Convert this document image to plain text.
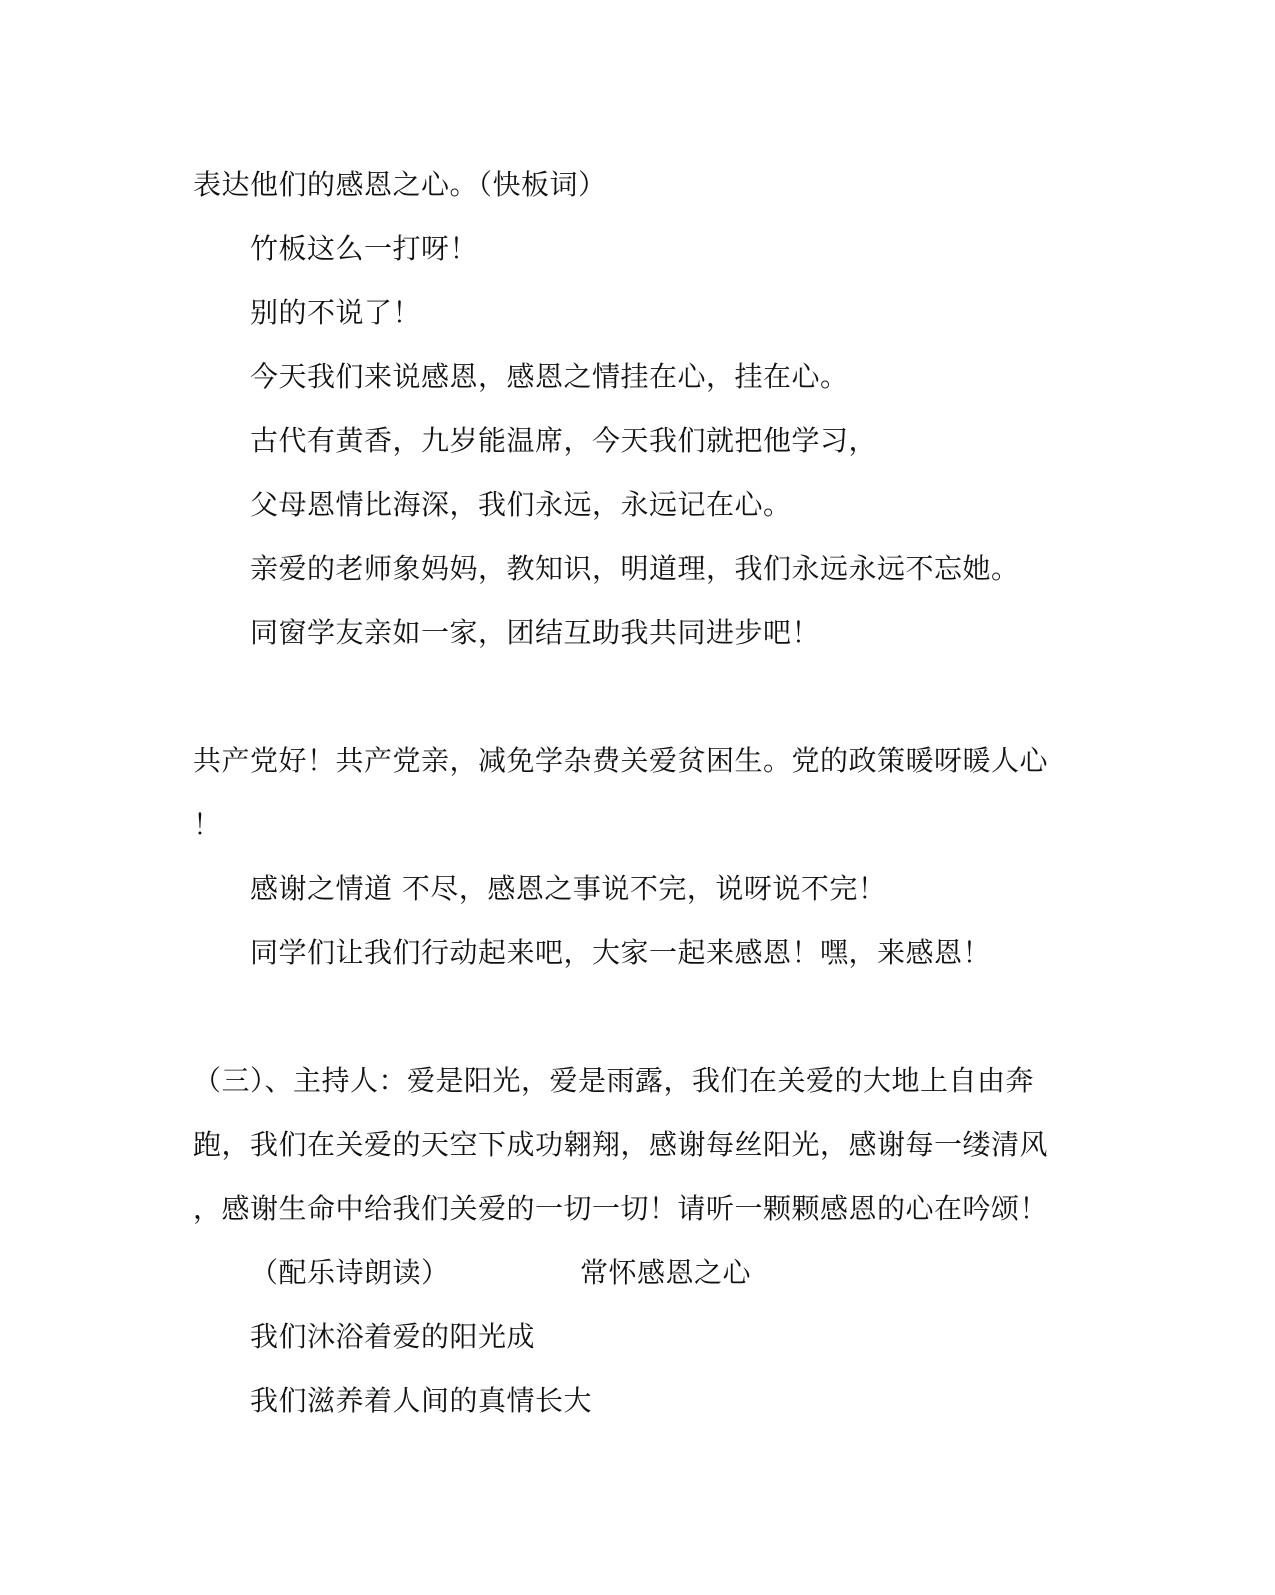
表达他们的感恩之心。（快板词）
竹板这么一打呀！
别的不说了！
今天我们来说感恩，感恩之情挂在心，挂在心。
古代有黄香，九岁能温席，今天我们就把他学习，
父母恩情比海深，我们永远，永远记在心。
亲爱的老师象妈妈，教知识，明道理，我们永远永远不忘她。
同窗学友亲如一家，团结互助我共同进步吧！
共产党好！共产党亲，减免学杂费关爱贫困生。党的政策暖呀暖人心
！
感谢之情道 不尽，感恩之事说不完，说呀说不完！
同学们让我们行动起来吧，大家一起来感恩！嘿，来感恩！
（三）、主持人：爱是阳光，爱是雨露，我们在关爱的大地上自由奔
跑，我们在关爱的天空下成功翱翔，感谢每丝阳光，感谢每一缕清风
，感谢生命中给我们关爱的一切一切！请听一颗颗感恩的心在吟颂！
（配乐诗朗读）	常怀感恩之心
我们沐浴着爱的阳光成
我们滋养着人间的真情长大
